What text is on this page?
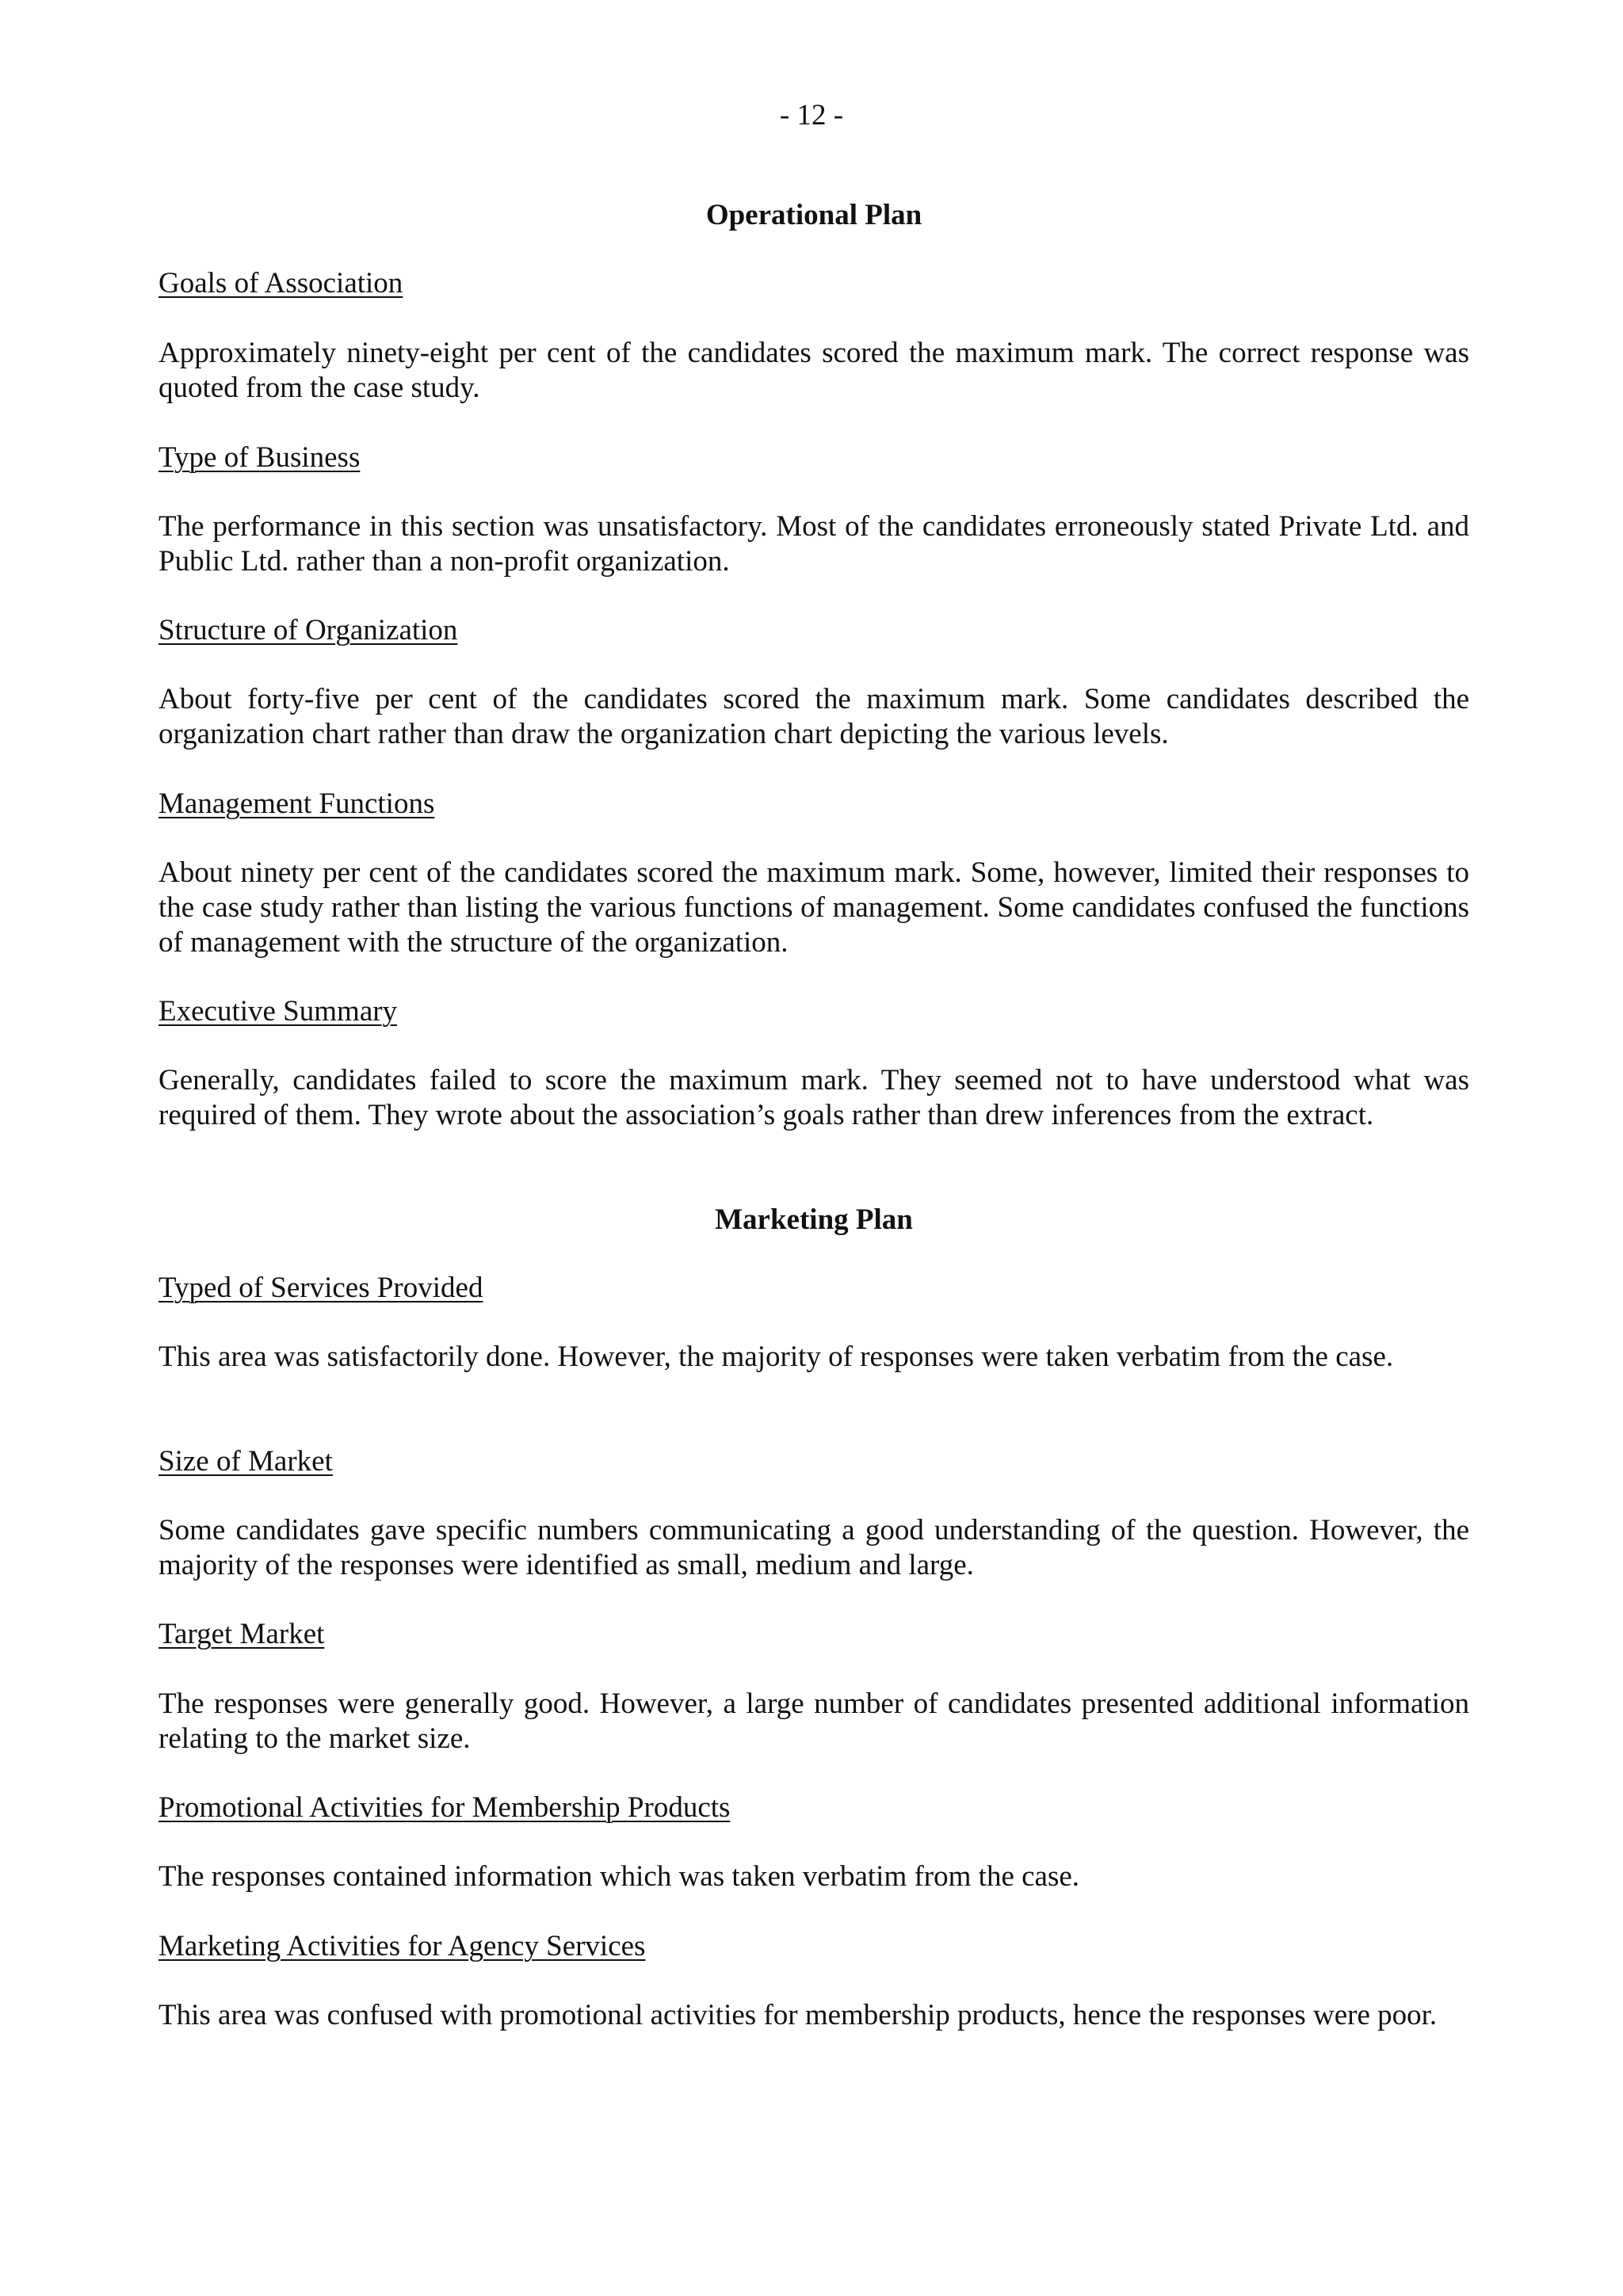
- 12 -
Operational Plan
Goals of Association
Approximately ninety-eight per cent of the candidates scored the maximum mark. The correct response was quoted from the case study.
Type of Business
The performance in this section was unsatisfactory. Most of the candidates erroneously stated Private Ltd. and Public Ltd. rather than a non-profit organization.
Structure of Organization
About forty-five per cent of the candidates scored the maximum mark. Some candidates described the organization chart rather than draw the organization chart depicting the various levels.
Management Functions
About ninety per cent of the candidates scored the maximum mark. Some, however, limited their responses to the case study rather than listing the various functions of management. Some candidates confused the functions of management with the structure of the organization.
Executive Summary
Generally, candidates failed to score the maximum mark. They seemed not to have understood what was required of them. They wrote about the association’s goals rather than drew inferences from the extract.
Marketing Plan
Typed of Services Provided
This area was satisfactorily done. However, the majority of responses were taken verbatim from the case.
Size of Market
Some candidates gave specific numbers communicating a good understanding of the question. However, the majority of the responses were identified as small, medium and large.
Target Market
The responses were generally good. However, a large number of candidates presented additional information relating to the market size.
Promotional Activities for Membership Products
The responses contained information which was taken verbatim from the case.
Marketing Activities for Agency Services
This area was confused with promotional activities for membership products, hence the responses were poor.
